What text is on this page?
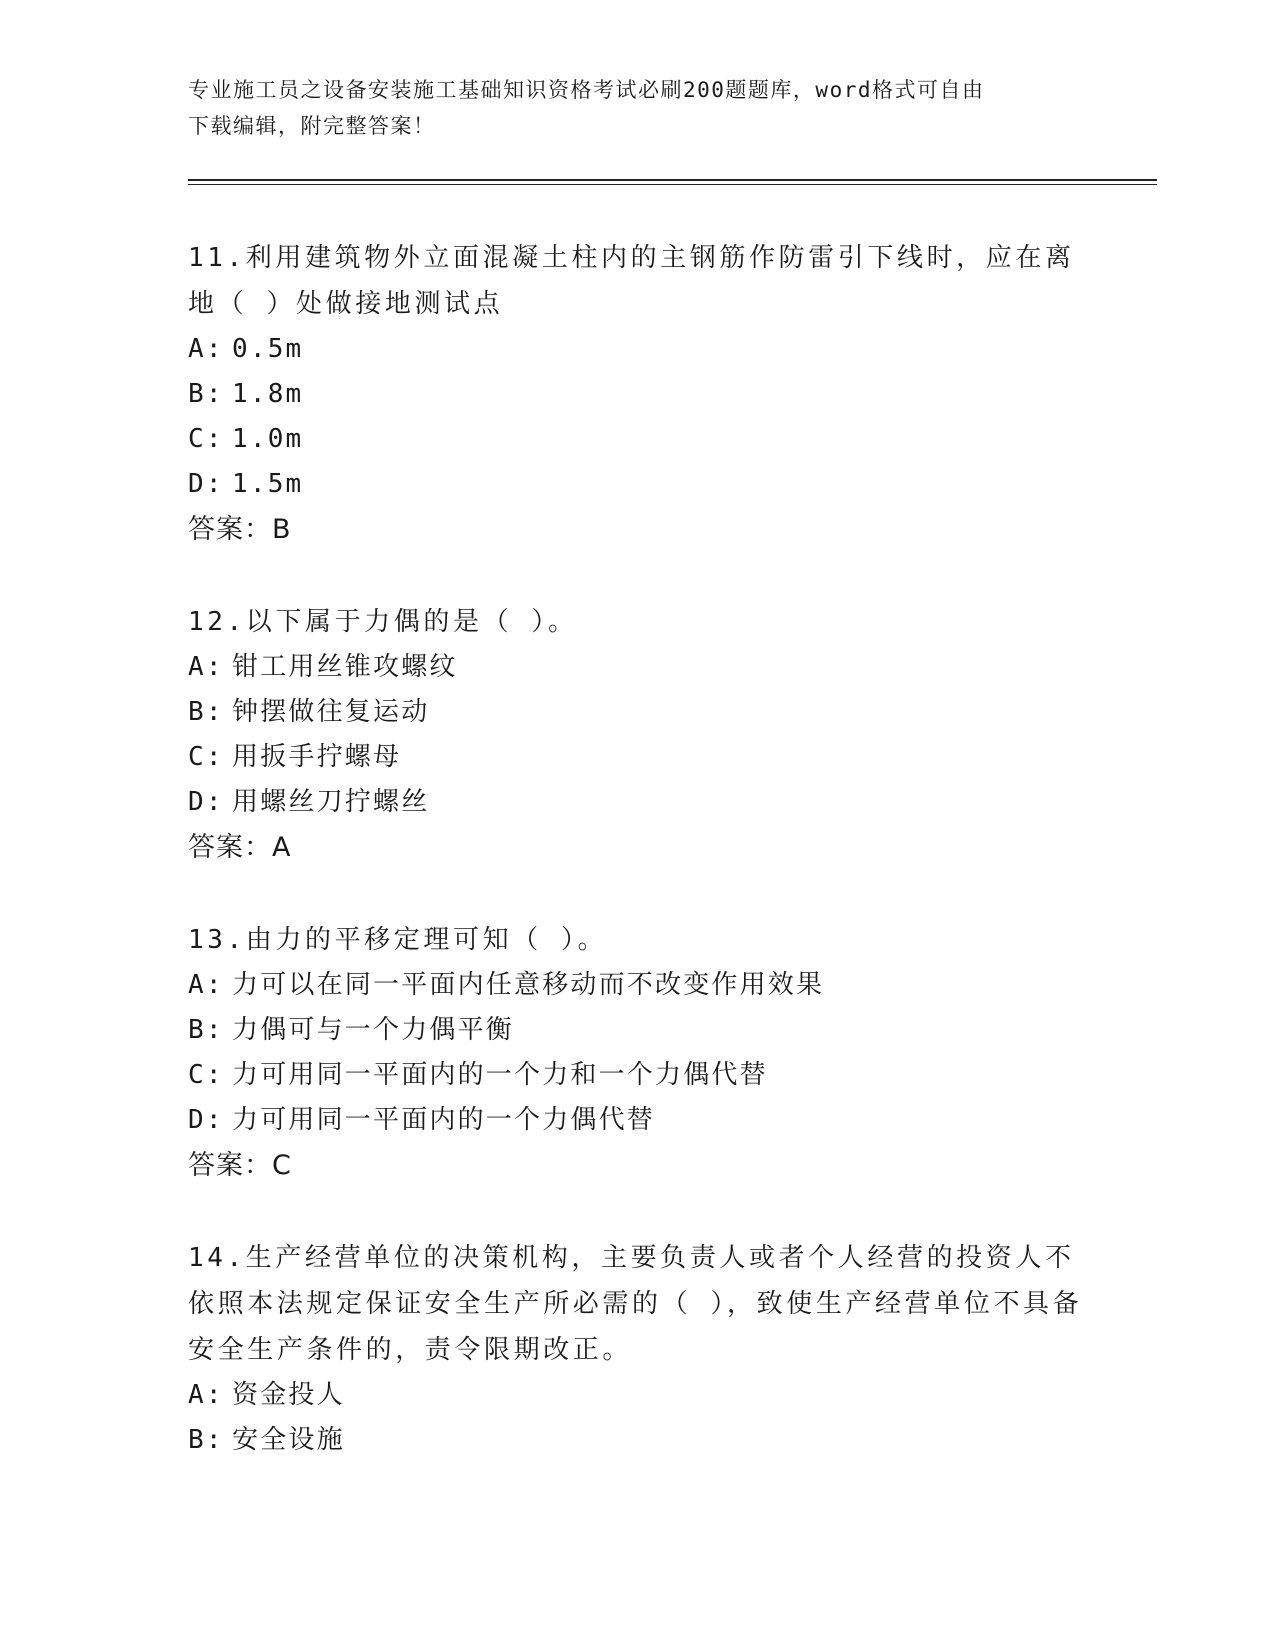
专业施工员之设备安装施工基础知识资格考试必刷200题题库，word格式可自由
下载编辑，附完整答案！

11.利用建筑物外立面混凝土柱内的主钢筋作防雷引下线时，应在离地（ ）处做接地测试点

A: 0.5m
B: 1.8m
C: 1.0m
D: 1.5m
答案：B

12.以下属于力偶的是（ ）。

A: 钳工用丝锥攻螺纹
B: 钟摆做往复运动
C: 用扳手拧螺母
D: 用螺丝刀拧螺丝
答案：A

13.由力的平移定理可知（ ）。

A: 力可以在同一平面内任意移动而不改变作用效果
B: 力偶可与一个力偶平衡
C: 力可用同一平面内的一个力和一个力偶代替
D: 力可用同一平面内的一个力偶代替
答案：C

14.生产经营单位的决策机构，主要负责人或者个人经营的投资人不依照本法规定保证安全生产所必需的（ ），致使生产经营单位不具备安全生产条件的，责令限期改正。

A: 资金投人
B: 安全设施
